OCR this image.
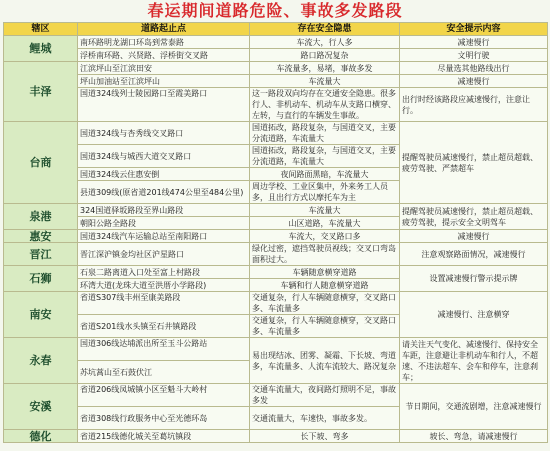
春运期间道路危险、事故多发路段
辖区	道路起止点	存在安全隐患	安全提示内容
鲤城	南环路明龙湖口环岛到常泰路	车流大，行人多	减速慢行
	浮桥南环路、兴贤路、浮桥街交叉路	路口路况复杂	文明行驶
丰泽	江滨坪山至江滨田安	车流量多，易堵，事故多发	尽量选其他路线出行
	坪山加油站至江滨坪山	车流量大	减速慢行
	国道324线列士陵园路口至霞美路口	这一路段双向均存在交通安全隐患。很多行人、非机动车、机动车从支路口横穿、左转，与直行的车辆发生事故。	出行时经该路段应减速慢行，注意让行。
台商	国道324线与杏秀线交叉路口	国道拓改，路段复杂，与国道交叉，主要分流道路，车流量大	提醒驾驶员减速慢行，禁止超员超载、疲劳驾驶、严禁超车
	国道324线与城西大道交叉路口	国道拓改，路段复杂，与国道交叉，主要分流道路，车流量大	
	国道324线云住惠安倒	夜间路面黑暗，车流量大	
	县道309线(原省道201线474公里至484公里)	周边学校、工业区集中，外来务工人员多，且出行方式以摩托车为主	
泉港	324国道驿坂路段至界山路段	车流量大	提醒驾驶员减速慢行，禁止超员超载、疲劳驾驶，提示安全文明驾车
	朝阳公路全路段	山区道路，车流量大	
惠安	国道324线汽车运输总站至南阳路口	车流大，交叉路口多	减速慢行
晋江	晋江深沪镇金均社区沪星路口	绿化过密，遮挡驾驶员视线；交叉口弯岛面积过大。	注意观察路面情况，减速慢行
石狮	石泉二路离道入口处至富上村路段	车辆随意横穿道路	设置减速慢行警示提示牌
	环湾大道(龙珠大道至洪厝小学路段)	车辆和行人随意横穿道路	
南安	省道S307线丰州至康美路段	交通复杂，行人车辆随意横穿，交叉路口多、车流量多	减速慢行、注意横穿
	省道S201线水头镇至石井镇路段	交通复杂，行人车辆随意横穿，交叉路口多、车流量多	
永春	国道306线达埔派出所至玉斗公路站	易出现结冰、团雾、凝霜、下长坡、弯道多，车流量多、人流车流较大、路况复杂	请关注天气变化、减速慢行、保持安全车距，注意避让非机动车和行人，不超速、不违法超车、会车和停车，注意刹车；
	苏坑蒿山至石鼓伏江		
安溪	省道206线凤城镇小区至魁斗大岭村	交通车流量大，夜间路灯照明不足，事故多发	节日期间，交通流剧增，注意减速慢行
	省道308线行政服务中心至光德环岛	交通流量大，车速快，事故多发。	
德化	省道215线德化城关至葛坑镇段	长下坡、弯多	坡长、弯急，请减速慢行
